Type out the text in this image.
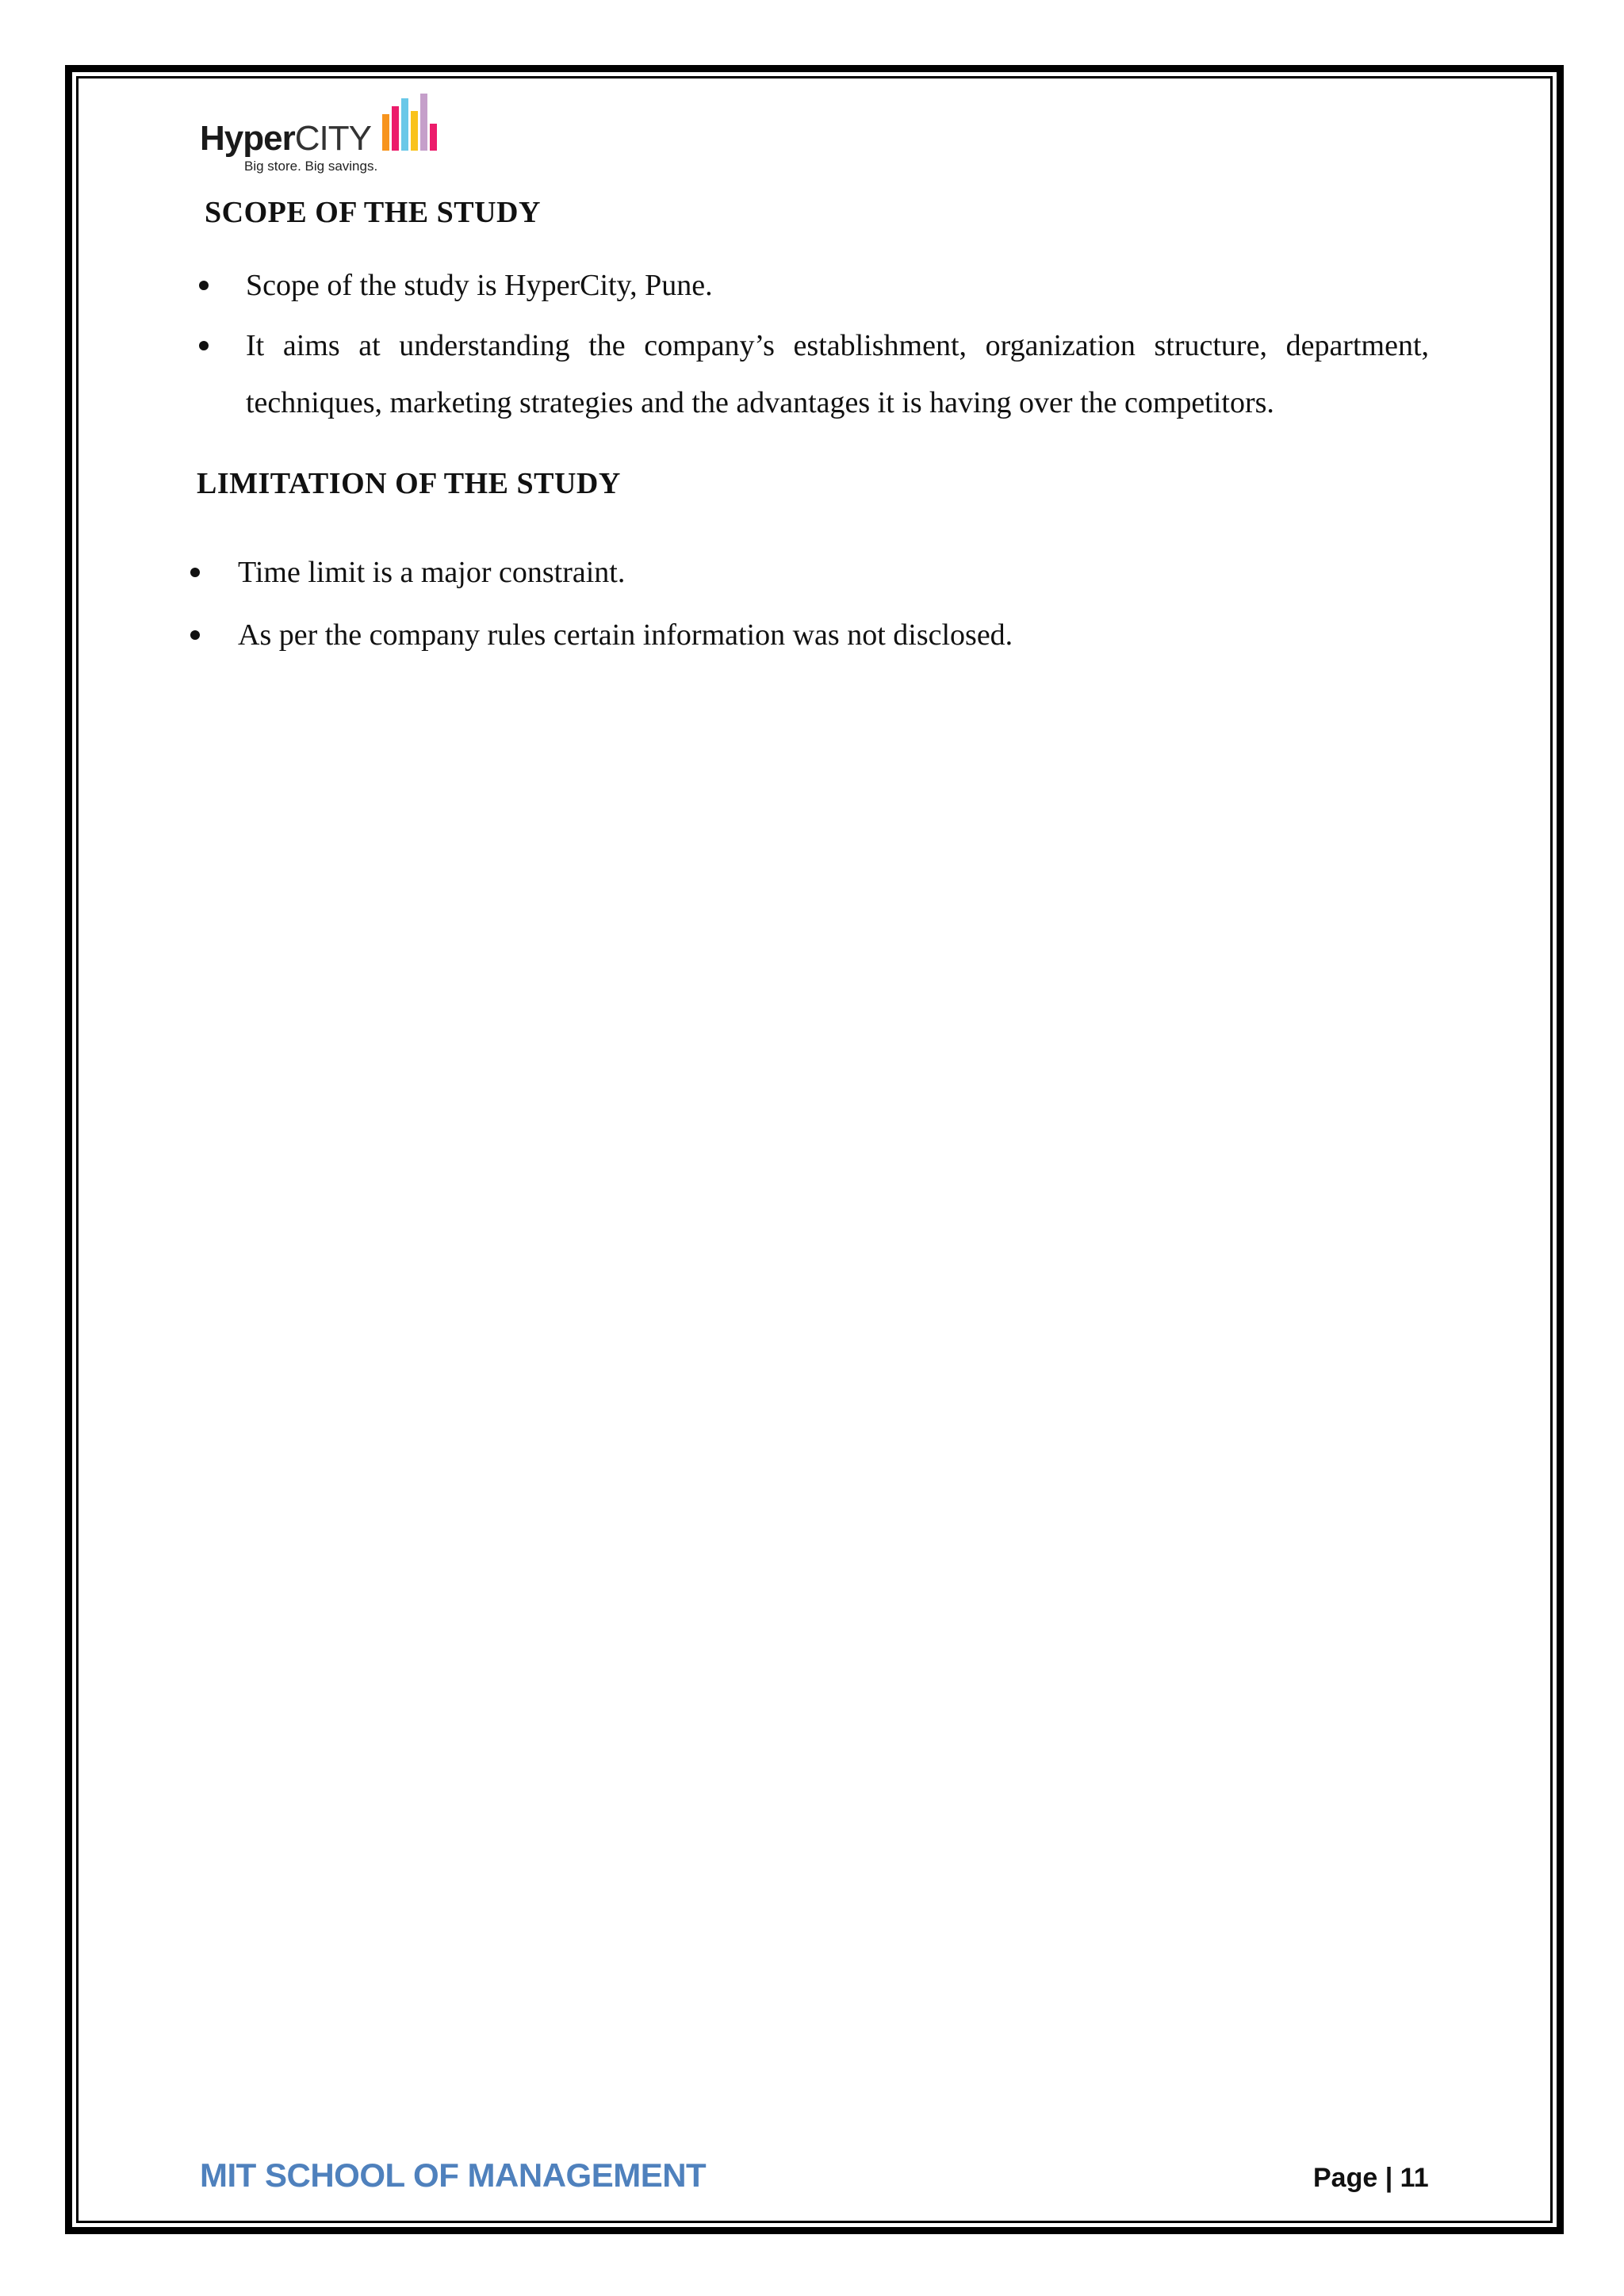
HyperCITY
Big store. Big savings.
SCOPE OF THE STUDY
Scope of the study is HyperCity, Pune.
It aims at understanding the company’s establishment, organization structure, department,
techniques, marketing strategies and the advantages it is having over the competitors.
LIMITATION OF THE STUDY
Time limit is a major constraint.
As per the company rules certain information was not disclosed.
MIT SCHOOL OF MANAGEMENT	Page | 11
